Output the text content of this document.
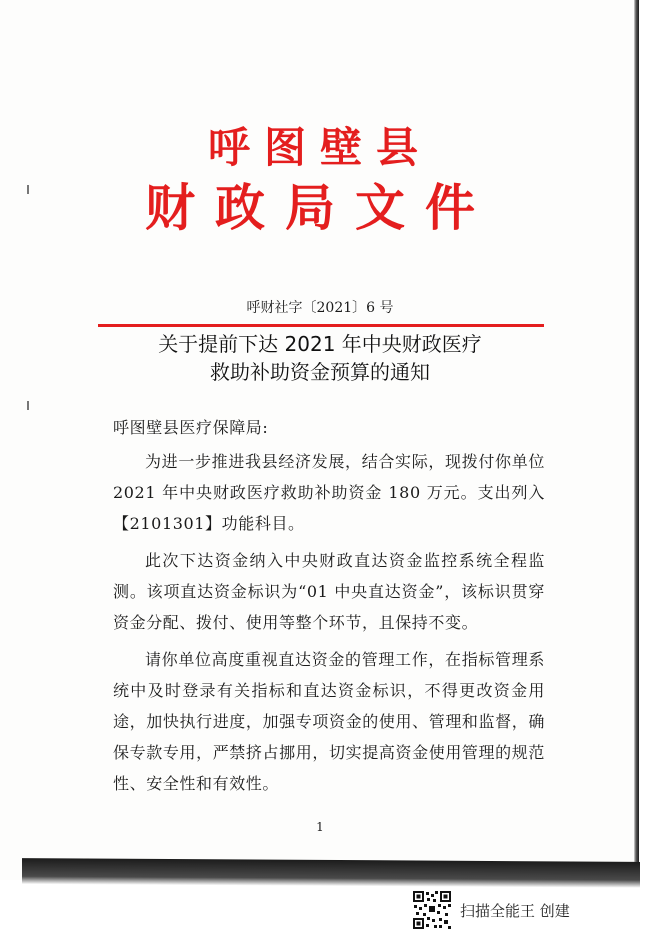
呼图壁县
财政局文件
呼财社字〔2021〕6 号
关于提前下达 2021 年中央财政医疗
救助补助资金预算的通知

呼图壁县医疗保障局:

为进一步推进我县经济发展，结合实际，现拨付你单位 2021 年中央财政医疗救助补助资金 180 万元。支出列入【2101301】功能科目。

此次下达资金纳入中央财政直达资金监控系统全程监测。该项直达资金标识为“01 中央直达资金”，该标识贯穿资金分配、拨付、使用等整个环节，且保持不变。

请你单位高度重视直达资金的管理工作，在指标管理系统中及时登录有关指标和直达资金标识，不得更改资金用途，加快执行进度，加强专项资金的使用、管理和监督，确保专款专用，严禁挤占挪用，切实提高资金使用管理的规范性、安全性和有效性。

1
扫描全能王 创建
